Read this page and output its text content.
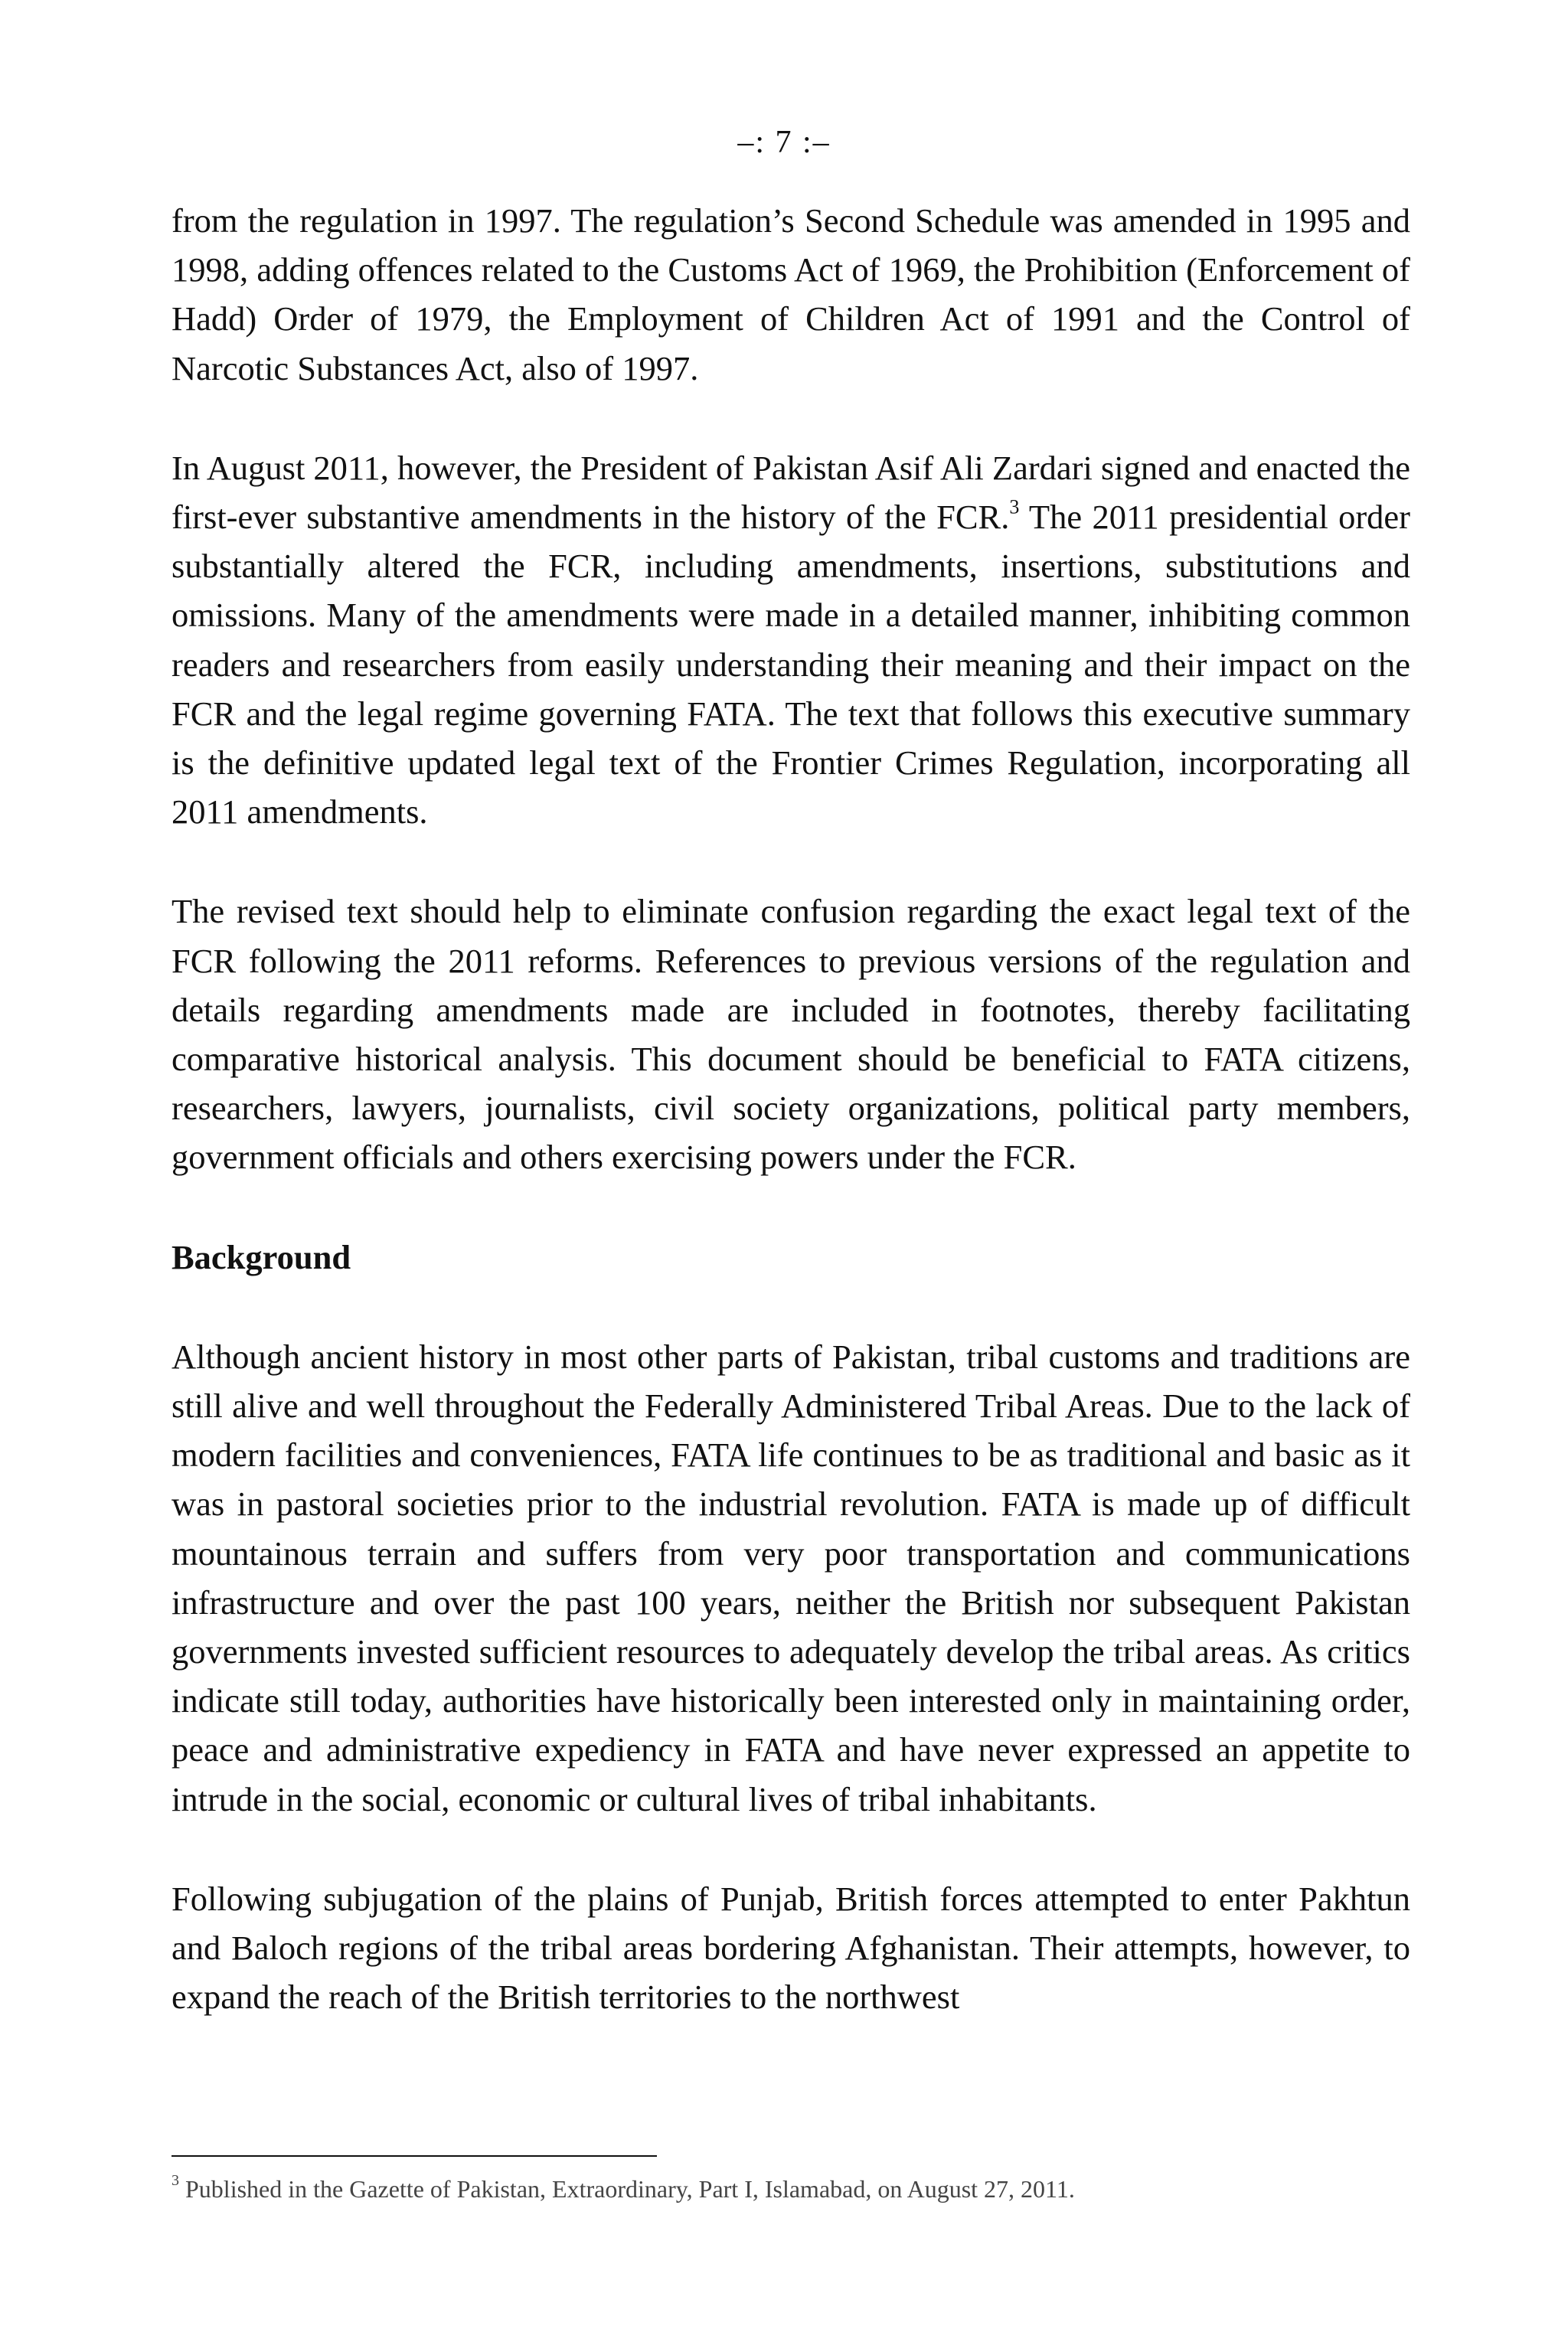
–: 7 :–

from the regulation in 1997. The regulation’s Second Schedule was amended in 1995 and 1998, adding offences related to the Customs Act of 1969, the Prohibition (Enforcement of Hadd) Order of 1979, the Employment of Children Act of 1991 and the Control of Narcotic Substances Act, also of 1997.

In August 2011, however, the President of Pakistan Asif Ali Zardari signed and enacted the first-ever substantive amendments in the history of the FCR.$^3$ The 2011 presidential order substantially altered the FCR, including amendments, insertions, substitutions and omissions. Many of the amendments were made in a detailed manner, inhibiting common readers and researchers from easily understanding their meaning and their impact on the FCR and the legal regime governing FATA. The text that follows this executive summary is the definitive updated legal text of the Frontier Crimes Regulation, incorporating all 2011 amendments.

The revised text should help to eliminate confusion regarding the exact legal text of the FCR following the 2011 reforms. References to previous versions of the regulation and details regarding amendments made are included in footnotes, thereby facilitating comparative historical analysis. This document should be beneficial to FATA citizens, researchers, lawyers, journalists, civil society organizations, political party members, government officials and others exercising powers under the FCR.

Background

Although ancient history in most other parts of Pakistan, tribal customs and traditions are still alive and well throughout the Federally Administered Tribal Areas. Due to the lack of modern facilities and conveniences, FATA life continues to be as traditional and basic as it was in pastoral societies prior to the industrial revolution. FATA is made up of difficult mountainous terrain and suffers from very poor transportation and communications infrastructure and over the past 100 years, neither the British nor subsequent Pakistan governments invested sufficient resources to adequately develop the tribal areas. As critics indicate still today, authorities have historically been interested only in maintaining order, peace and administrative expediency in FATA and have never expressed an appetite to intrude in the social, economic or cultural lives of tribal inhabitants.

Following subjugation of the plains of Punjab, British forces attempted to enter Pakhtun and Baloch regions of the tribal areas bordering Afghanistan. Their attempts, however, to expand the reach of the British territories to the northwest

$^3$ Published in the Gazette of Pakistan, Extraordinary, Part I, Islamabad, on August 27, 2011.
